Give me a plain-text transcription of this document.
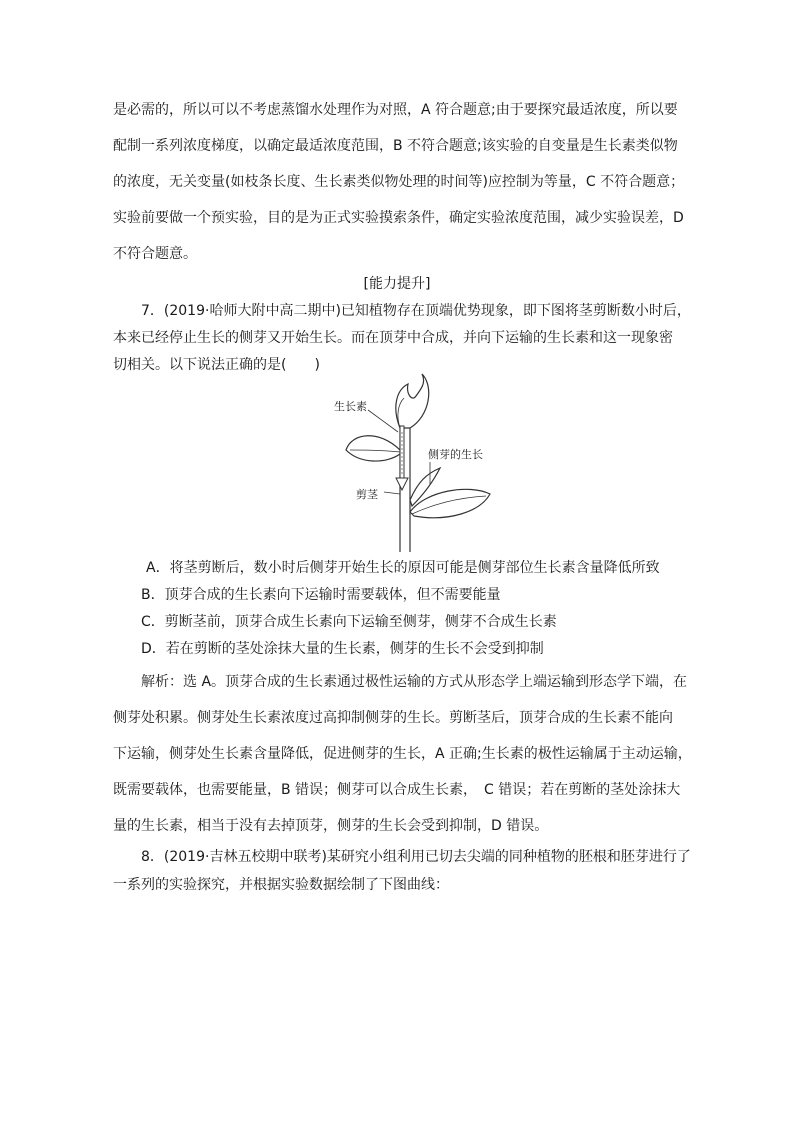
是必需的，所以可以不考虑蒸馏水处理作为对照，A 符合题意;由于要探究最适浓度，所以要
配制一系列浓度梯度，以确定最适浓度范围，B 不符合题意;该实验的自变量是生长素类似物
的浓度，无关变量(如枝条长度、生长素类似物处理的时间等)应控制为等量，C 不符合题意；
实验前要做一个预实验，目的是为正式实验摸索条件，确定实验浓度范围，减少实验误差，D
不符合题意。
[能力提升]
7．(2019·哈师大附中高二期中)已知植物存在顶端优势现象，即下图将茎剪断数小时后，
本来已经停止生长的侧芽又开始生长。而在顶芽中合成，并向下运输的生长素和这一现象密
切相关。以下说法正确的是(　　)
生长素
侧芽的生长
剪茎
A．将茎剪断后，数小时后侧芽开始生长的原因可能是侧芽部位生长素含量降低所致
B．顶芽合成的生长素向下运输时需要载体，但不需要能量
C．剪断茎前，顶芽合成生长素向下运输至侧芽，侧芽不合成生长素
D．若在剪断的茎处涂抹大量的生长素，侧芽的生长不会受到抑制
解析：选 A。顶芽合成的生长素通过极性运输的方式从形态学上端运输到形态学下端，在
侧芽处积累。侧芽处生长素浓度过高抑制侧芽的生长。剪断茎后，顶芽合成的生长素不能向
下运输，侧芽处生长素含量降低，促进侧芽的生长，A 正确;生长素的极性运输属于主动运输，
既需要载体，也需要能量，B 错误；侧芽可以合成生长素，　C 错误；若在剪断的茎处涂抹大
量的生长素，相当于没有去掉顶芽，侧芽的生长会受到抑制，D 错误。
8．(2019·吉林五校期中联考)某研究小组利用已切去尖端的同种植物的胚根和胚芽进行了
一系列的实验探究，并根据实验数据绘制了下图曲线：
